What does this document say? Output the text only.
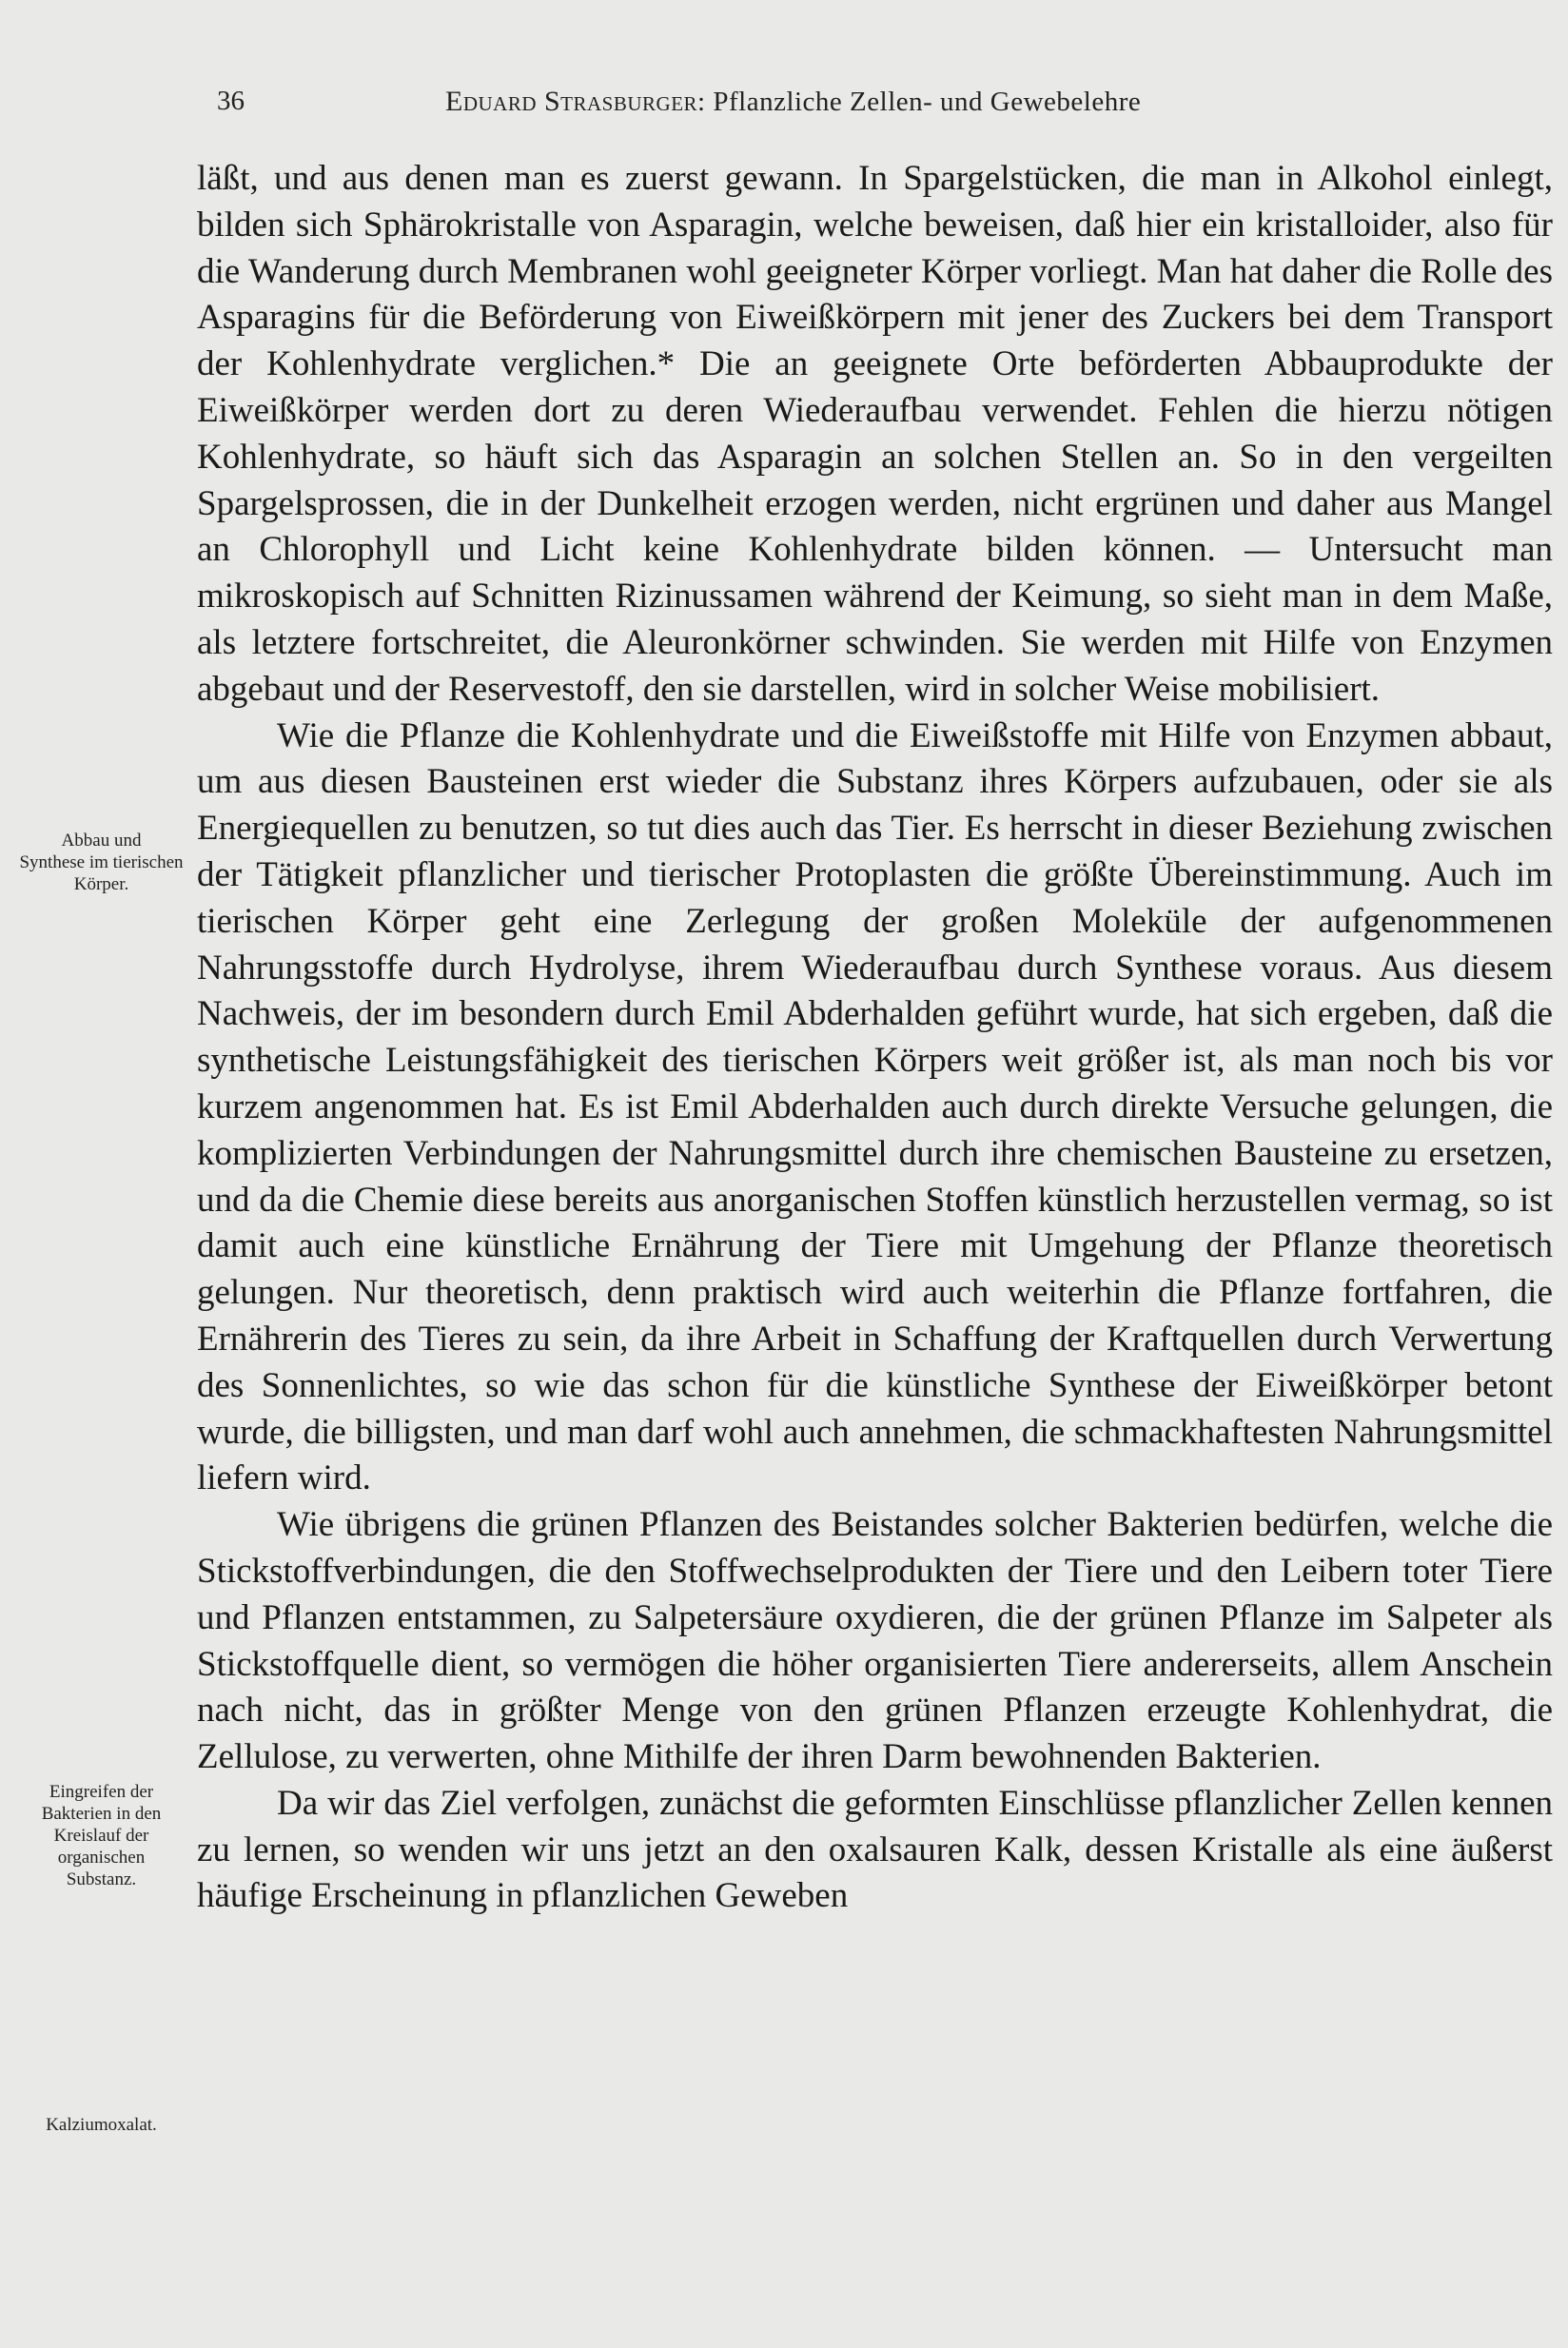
36	Eduard Strasburger: Pflanzliche Zellen- und Gewebelehre

läßt, und aus denen man es zuerst gewann. In Spargelstücken, die man in Alkohol einlegt, bilden sich Sphärokristalle von Asparagin, welche beweisen, daß hier ein kristalloider, also für die Wanderung durch Membranen wohl geeigneter Körper vorliegt. Man hat daher die Rolle des Asparagins für die Beförderung von Eiweißkörpern mit jener des Zuckers bei dem Transport der Kohlenhydrate verglichen.* Die an geeignete Orte beförderten Abbauprodukte der Eiweißkörper werden dort zu deren Wiederaufbau verwendet. Fehlen die hierzu nötigen Kohlenhydrate, so häuft sich das Asparagin an solchen Stellen an. So in den vergeilten Spargelsprossen, die in der Dunkelheit erzogen werden, nicht ergrünen und daher aus Mangel an Chlorophyll und Licht keine Kohlenhydrate bilden können. — Untersucht man mikroskopisch auf Schnitten Rizinussamen während der Keimung, so sieht man in dem Maße, als letztere fortschreitet, die Aleuronkörner schwinden. Sie werden mit Hilfe von Enzymen abgebaut und der Reservestoff, den sie darstellen, wird in solcher Weise mobilisiert.

Wie die Pflanze die Kohlenhydrate und die Eiweißstoffe mit Hilfe von Enzymen abbaut, um aus diesen Bausteinen erst wieder die Substanz ihres Körpers aufzubauen, oder sie als Energiequellen zu benutzen, so tut dies auch das Tier. Es herrscht in dieser Beziehung zwischen der Tätigkeit pflanzlicher und tierischer Protoplasten die größte Übereinstimmung. Auch im tierischen Körper geht eine Zerlegung der großen Moleküle der aufgenommenen Nahrungsstoffe durch Hydrolyse, ihrem Wiederaufbau durch Synthese voraus. Aus diesem Nachweis, der im besondern durch Emil Abderhalden geführt wurde, hat sich ergeben, daß die synthetische Leistungsfähigkeit des tierischen Körpers weit größer ist, als man noch bis vor kurzem angenommen hat. Es ist Emil Abderhalden auch durch direkte Versuche gelungen, die komplizierten Verbindungen der Nahrungsmittel durch ihre chemischen Bausteine zu ersetzen, und da die Chemie diese bereits aus anorganischen Stoffen künstlich herzustellen vermag, so ist damit auch eine künstliche Ernährung der Tiere mit Umgehung der Pflanze theoretisch gelungen. Nur theoretisch, denn praktisch wird auch weiterhin die Pflanze fortfahren, die Ernährerin des Tieres zu sein, da ihre Arbeit in Schaffung der Kraftquellen durch Verwertung des Sonnenlichtes, so wie das schon für die künstliche Synthese der Eiweißkörper betont wurde, die billigsten, und man darf wohl auch annehmen, die schmackhaftesten Nahrungsmittel liefern wird.

Wie übrigens die grünen Pflanzen des Beistandes solcher Bakterien bedürfen, welche die Stickstoffverbindungen, die den Stoffwechselprodukten der Tiere und den Leibern toter Tiere und Pflanzen entstammen, zu Salpetersäure oxydieren, die der grünen Pflanze im Salpeter als Stickstoffquelle dient, so vermögen die höher organisierten Tiere andererseits, allem Anschein nach nicht, das in größter Menge von den grünen Pflanzen erzeugte Kohlenhydrat, die Zellulose, zu verwerten, ohne Mithilfe der ihren Darm bewohnenden Bakterien.

Da wir das Ziel verfolgen, zunächst die geformten Einschlüsse pflanzlicher Zellen kennen zu lernen, so wenden wir uns jetzt an den oxalsauren Kalk, dessen Kristalle als eine äußerst häufige Erscheinung in pflanzlichen Geweben

Abbau und
Synthese im tierischen Körper.
Eingreifen der
Bakterien in den
Kreislauf der
organischen
Substanz.
Kalziumoxalat.
